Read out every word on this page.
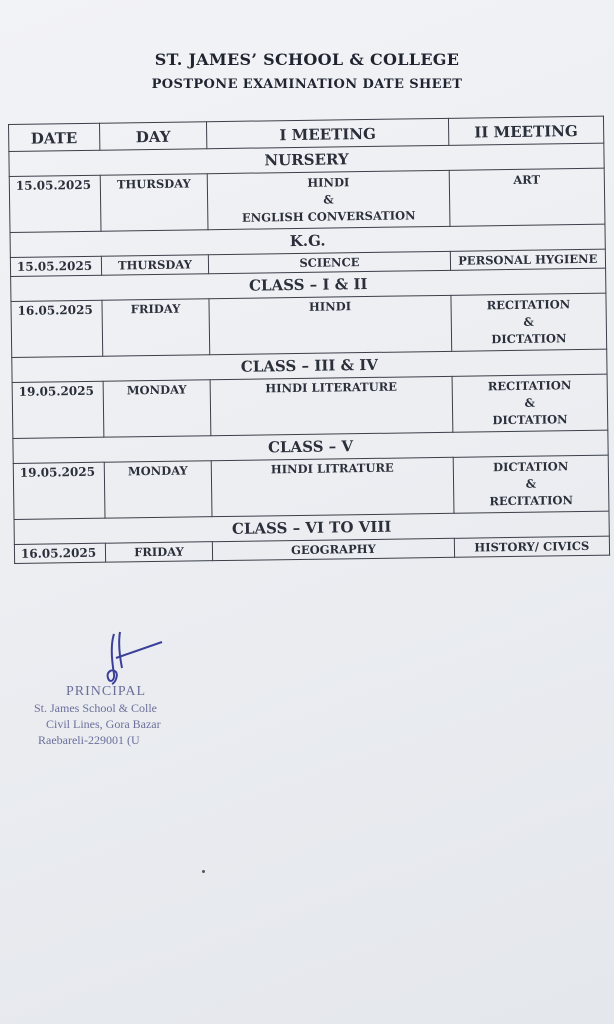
ST. JAMES’ SCHOOL & COLLEGE
POSTPONE EXAMINATION DATE SHEET
DATE	DAY	I MEETING	II MEETING
NURSERY			
15.05.2025	THURSDAY	HINDI
&
ENGLISH CONVERSATION	ART

K.G.			
15.05.2025	THURSDAY	SCIENCE	PERSONAL HYGIENE
CLASS – I & II			
16.05.2025	FRIDAY	HINDI	RECITATION
&
DICTATION

CLASS – III & IV			
19.05.2025	MONDAY	HINDI LITERATURE	RECITATION
&
DICTATION

CLASS – V			
19.05.2025	MONDAY	HINDI LITRATURE	DICTATION
&
RECITATION

CLASS – VI TO VIII			
16.05.2025	FRIDAY	GEOGRAPHY	HISTORY/ CIVICS
PRINCIPAL
St. James School & Colle
Civil Lines, Gora Bazar
Raebareli-229001 (U
